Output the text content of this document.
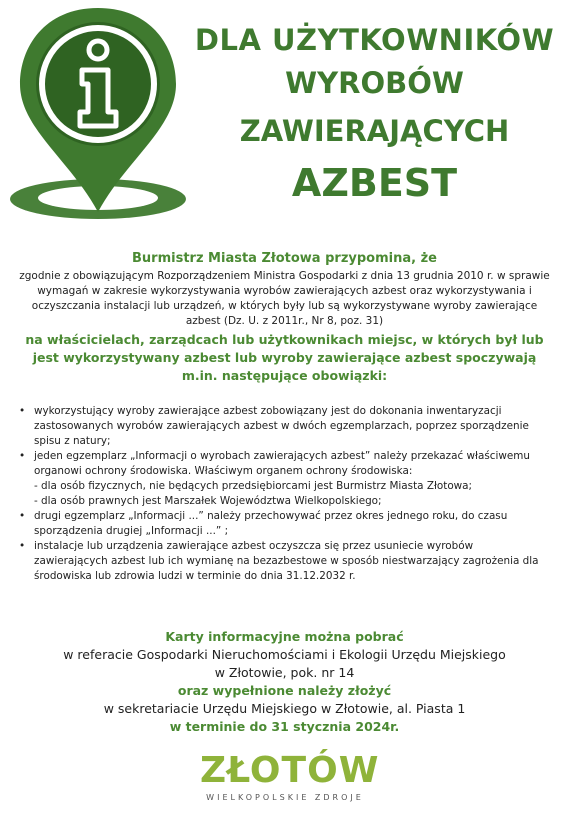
DLA UŻYTKOWNIKÓW
WYROBÓW
ZAWIERAJĄCYCH
AZBEST
Burmistrz Miasta Złotowa przypomina, że
zgodnie z obowiązującym Rozporządzeniem Ministra Gospodarki z dnia 13 grudnia 2010 r. w sprawie wymagań w zakresie wykorzystywania wyrobów zawierających azbest oraz wykorzystywania i oczyszczania instalacji lub urządzeń, w których były lub są wykorzystywane wyroby zawierające azbest (Dz. U. z 2011r., Nr 8, poz. 31)
na właścicielach, zarządcach lub użytkownikach miejsc, w których był lub jest wykorzystywany azbest lub wyroby zawierające azbest spoczywają m.in. następujące obowiązki:
• wykorzystujący wyroby zawierające azbest zobowiązany jest do dokonania inwentaryzacji zastosowanych wyrobów zawierających azbest w dwóch egzemplarzach, poprzez sporządzenie spisu z natury;
• jeden egzemplarz „Informacji o wyrobach zawierających azbest” należy przekazać właściwemu organowi ochrony środowiska. Właściwym organem ochrony środowiska:
- dla osób fizycznych, nie będących przedsiębiorcami jest Burmistrz Miasta Złotowa;
- dla osób prawnych jest Marszałek Województwa Wielkopolskiego;
• drugi egzemplarz „Informacji ...” należy przechowywać przez okres jednego roku, do czasu sporządzenia drugiej „Informacji ...” ;
• instalacje lub urządzenia zawierające azbest oczyszcza się przez usuniecie wyrobów zawierających azbest lub ich wymianę na bezazbestowe w sposób niestwarzający zagrożenia dla środowiska lub zdrowia ludzi w terminie do dnia 31.12.2032 r.
Karty informacyjne można pobrać
w referacie Gospodarki Nieruchomościami i Ekologii Urzędu Miejskiego
w Złotowie, pok. nr 14
oraz wypełnione należy złożyć
w sekretariacie Urzędu Miejskiego w Złotowie, al. Piasta 1
w terminie do 31 stycznia 2024r.
ZŁOTÓW
WIELKOPOLSKIE ZDROJE
